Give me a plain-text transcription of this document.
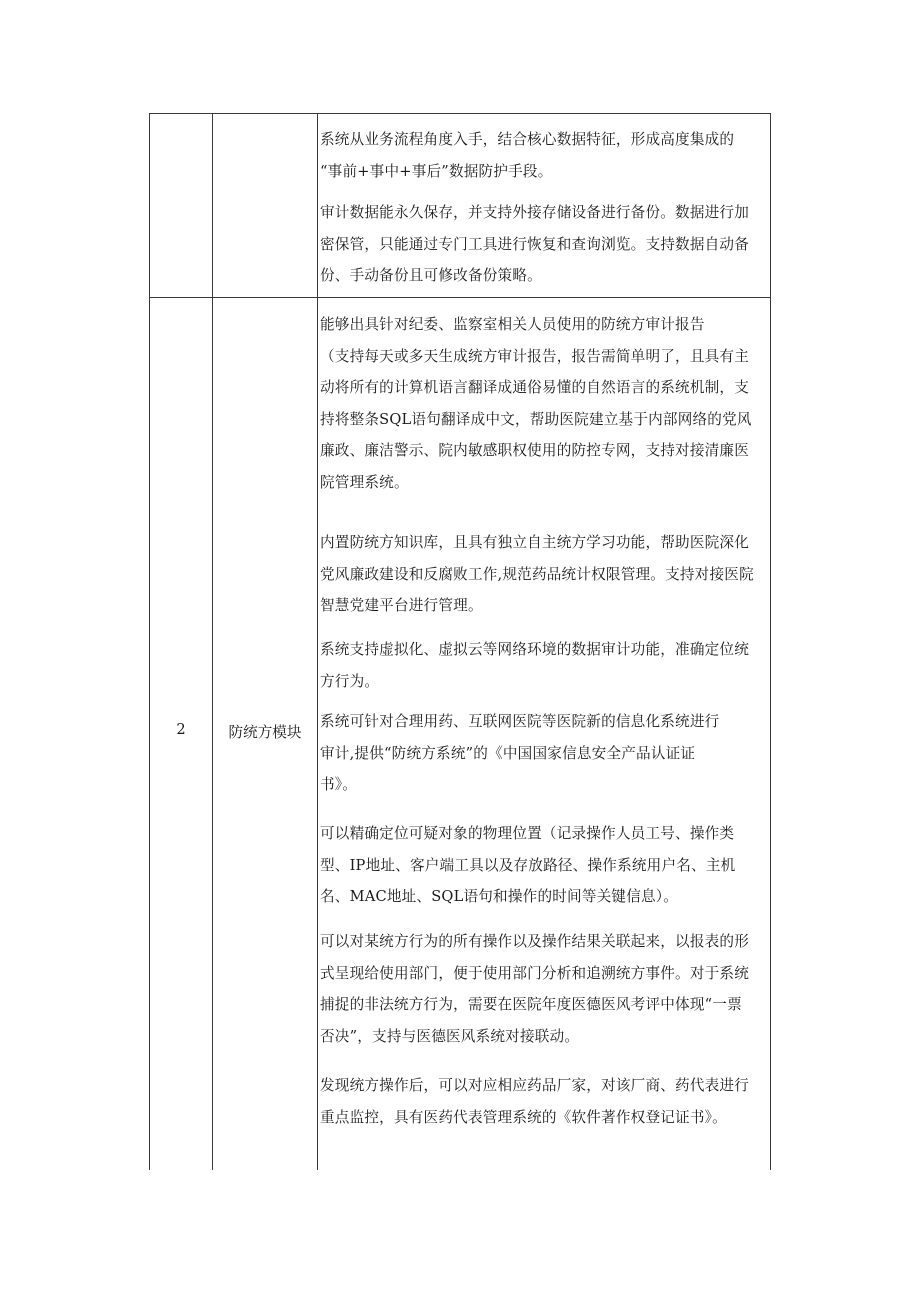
系统从业务流程角度入手，结合核心数据特征，形成高度集成的
“事前+事中+事后”数据防护手段。
审计数据能永久保存，并支持外接存储设备进行备份。数据进行加
密保管，只能通过专门工具进行恢复和查询浏览。支持数据自动备
份、手动备份且可修改备份策略。
2	防统方模块
能够出具针对纪委、监察室相关人员使用的防统方审计报告
（支持每天或多天生成统方审计报告，报告需简单明了，且具有主
动将所有的计算机语言翻译成通俗易懂的自然语言的系统机制，支
持将整条SQL语句翻译成中文，帮助医院建立基于内部网络的党风
廉政、廉洁警示、院内敏感职权使用的防控专网，支持对接清廉医
院管理系统。
内置防统方知识库，且具有独立自主统方学习功能，帮助医院深化
党风廉政建设和反腐败工作,规范药品统计权限管理。支持对接医院
智慧党建平台进行管理。
系统支持虚拟化、虚拟云等网络环境的数据审计功能，准确定位统
方行为。
系统可针对合理用药、互联网医院等医院新的信息化系统进行
审计,提供“防统方系统”的《中国国家信息安全产品认证证
书》。
可以精确定位可疑对象的物理位置（记录操作人员工号、操作类
型、IP地址、客户端工具以及存放路径、操作系统用户名、主机
名、MAC地址、SQL语句和操作的时间等关键信息）。
可以对某统方行为的所有操作以及操作结果关联起来，以报表的形
式呈现给使用部门，便于使用部门分析和追溯统方事件。对于系统
捕捉的非法统方行为，需要在医院年度医德医风考评中体现“一票
否决”，支持与医德医风系统对接联动。
发现统方操作后，可以对应相应药品厂家，对该厂商、药代表进行
重点监控，具有医药代表管理系统的《软件著作权登记证书》。
